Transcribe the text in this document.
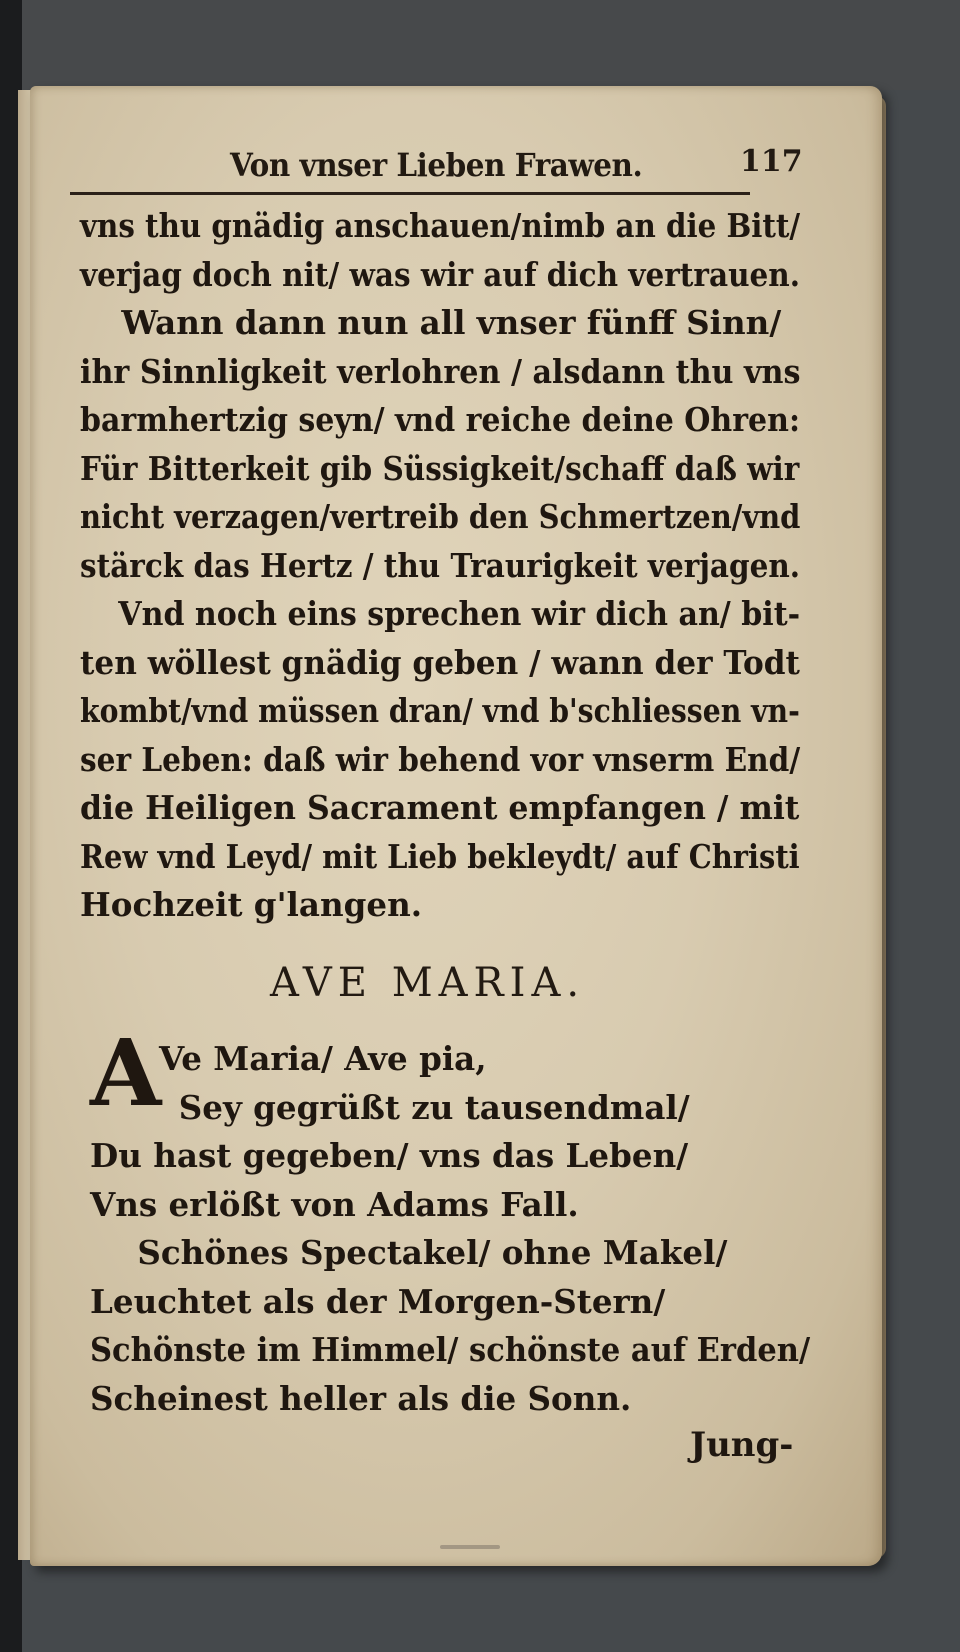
Von vnser Lieben Frawen.	117
vns thu gnädig anschauen/nimb an die Bitt/
verjag doch nit/ was wir auf dich vertrauen.
Wann dann nun all vnser fünff Sinn/
ihr Sinnligkeit verlohren / alsdann thu vns
barmhertzig seyn/ vnd reiche deine Ohren:
Für Bitterkeit gib Süssigkeit/schaff daß wir
nicht verzagen/vertreib den Schmertzen/vnd
stärck das Hertz / thu Traurigkeit verjagen.
Vnd noch eins sprechen wir dich an/ bit-
ten wöllest gnädig geben / wann der Todt
kombt/vnd müssen dran/ vnd b'schliessen vn-
ser Leben: daß wir behend vor vnserm End/
die Heiligen Sacrament empfangen / mit
Rew vnd Leyd/ mit Lieb bekleydt/ auf Christi
Hochzeit g'langen.
AVE MARIA.
A
Ve Maria/ Ave pia,
Sey gegrüßt zu tausendmal/
Du hast gegeben/ vns das Leben/
Vns erlößt von Adams Fall.
Schönes Spectakel/ ohne Makel/
Leuchtet als der Morgen-Stern/
Schönste im Himmel/ schönste auf Erden/
Scheinest heller als die Sonn.
Jung-
